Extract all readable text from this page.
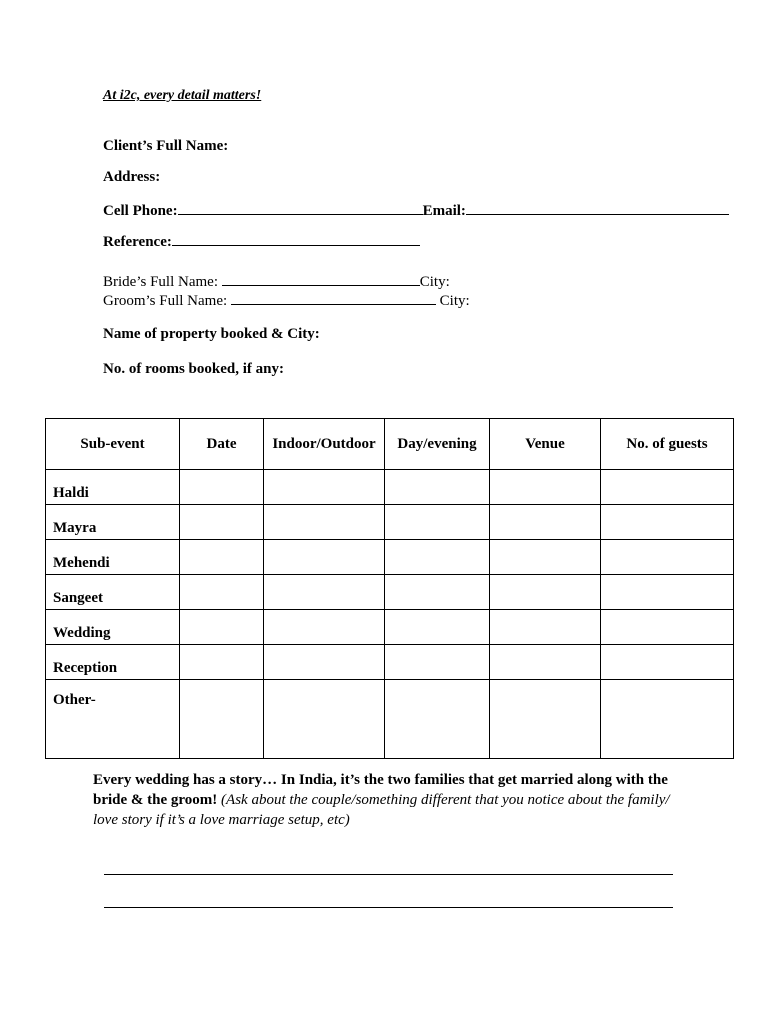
At i2c, every detail matters!
Client’s Full Name:
Address:
Cell Phone:	Email:
Reference:
Bride’s Full Name:	City:
Groom’s Full Name:	City:
Name of property booked & City:
No. of rooms booked, if any:
Sub-event	Date	Indoor/Outdoor	Day/evening	Venue	No. of guests
Haldi					
Mayra					
Mehendi					
Sangeet					
Wedding					
Reception					
Other-					
Every wedding has a story… In India, it’s the two families that get married along with the bride & the groom! (Ask about the couple/something different that you notice about the family/ love story if it’s a love marriage setup, etc)
